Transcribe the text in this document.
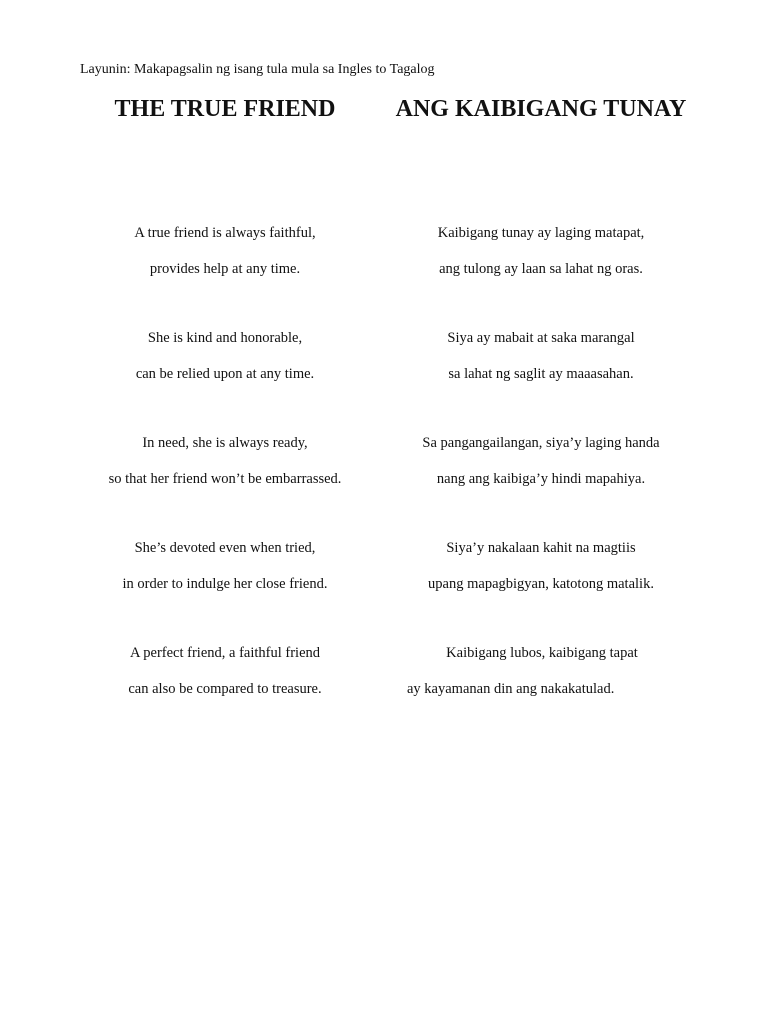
Layunin: Makapagsalin ng isang tula mula sa Ingles to Tagalog
THE TRUE FRIEND
A true friend is always faithful,
provides help at any time.
She is kind and honorable,
can be relied upon at any time.
In need, she is always ready,
so that her friend won’t be embarrassed.
She’s devoted even when tried,
in order to indulge her close friend.
A perfect friend, a faithful friend
can also be compared to treasure.
ANG KAIBIGANG TUNAY
Kaibigang tunay ay laging matapat,
ang tulong ay laan sa lahat ng oras.
Siya ay mabait at saka marangal
sa lahat ng saglit ay maaasahan.
Sa pangangailangan, siya’y laging handa
nang ang kaibiga’y hindi mapahiya.
Siya’y nakalaan kahit na magtiis
upang mapagbigyan, katotong matalik.
Kaibigang lubos, kaibigang tapat
ay kayamanan din ang nakakatulad.
